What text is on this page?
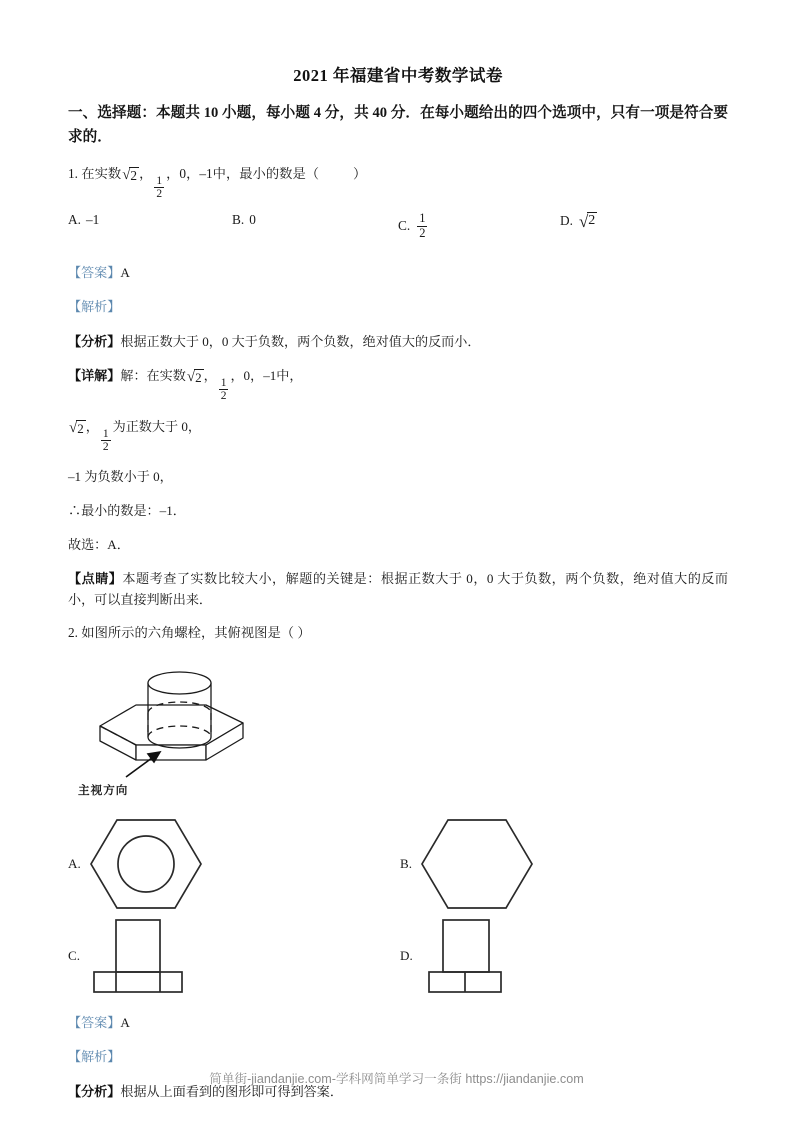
2021 年福建省中考数学试卷
一、选择题：本题共 10 小题，每小题 4 分，共 40 分．在每小题给出的四个选项中，只有一项是符合要求的．
1. 在实数 √ 2 ，
$\frac{1}{2}$
，0，–1中，最小的数是（	）
A. –1	B. 0	C. $\frac{1}{2}$	D. √ 2
【答案】A
【解析】
【分析】根据正数大于 0，0 大于负数，两个负数，绝对值大的反而小．
【详解】解：在实数 √ 2 ，
$\frac{1}{2}$
，0，–1中，
√ 2 ，
$\frac{1}{2}$
为正数大于 0，
–1 为负数小于 0，
∴最小的数是：–1．
故选：A．
【点睛】本题考查了实数比较大小，解题的关键是：根据正数大于 0，0 大于负数，两个负数，绝对值大的反而小，可以直接判断出来．
2. 如图所示的六角螺栓，其俯视图是（ ）
主视方向
A.	B.
C.	D.
【答案】A
【解析】
【分析】根据从上面看到的图形即可得到答案．
简单街-jiandanjie.com-学科网简单学习一条街 https://jiandanjie.com
